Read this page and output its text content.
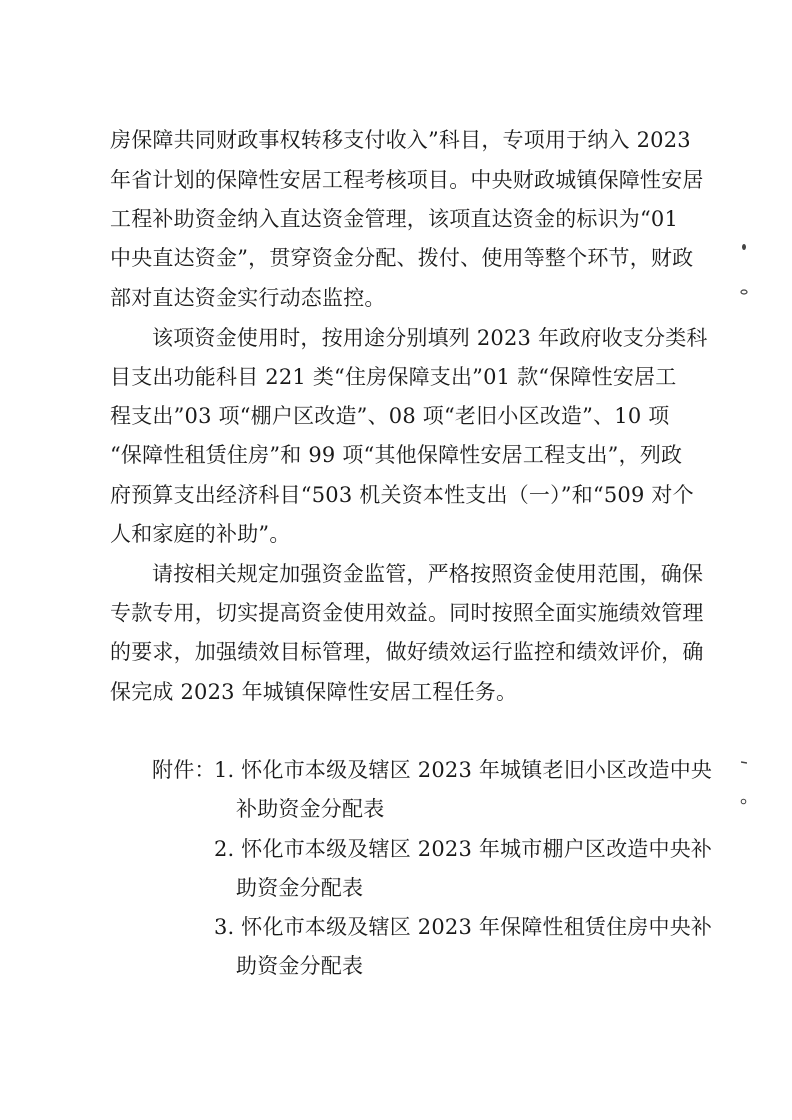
房保障共同财政事权转移支付收入”科目，专项用于纳入 2023
年省计划的保障性安居工程考核项目。中央财政城镇保障性安居
工程补助资金纳入直达资金管理，该项直达资金的标识为“01
中央直达资金”，贯穿资金分配、拨付、使用等整个环节，财政
部对直达资金实行动态监控。
该项资金使用时，按用途分别填列 2023 年政府收支分类科
目支出功能科目 221 类“住房保障支出”01 款“保障性安居工
程支出”03 项“棚户区改造”、08 项“老旧小区改造”、10 项
“保障性租赁住房”和 99 项“其他保障性安居工程支出”，列政
府预算支出经济科目“503 机关资本性支出（一）”和“509 对个
人和家庭的补助”。
请按相关规定加强资金监管，严格按照资金使用范围，确保
专款专用，切实提高资金使用效益。同时按照全面实施绩效管理
的要求，加强绩效目标管理，做好绩效运行监控和绩效评价，确
保完成 2023 年城镇保障性安居工程任务。
附件：
1. 怀化市本级及辖区 2023 年城镇老旧小区改造中央
补助资金分配表
2. 怀化市本级及辖区 2023 年城市棚户区改造中央补
助资金分配表
3. 怀化市本级及辖区 2023 年保障性租赁住房中央补
助资金分配表
